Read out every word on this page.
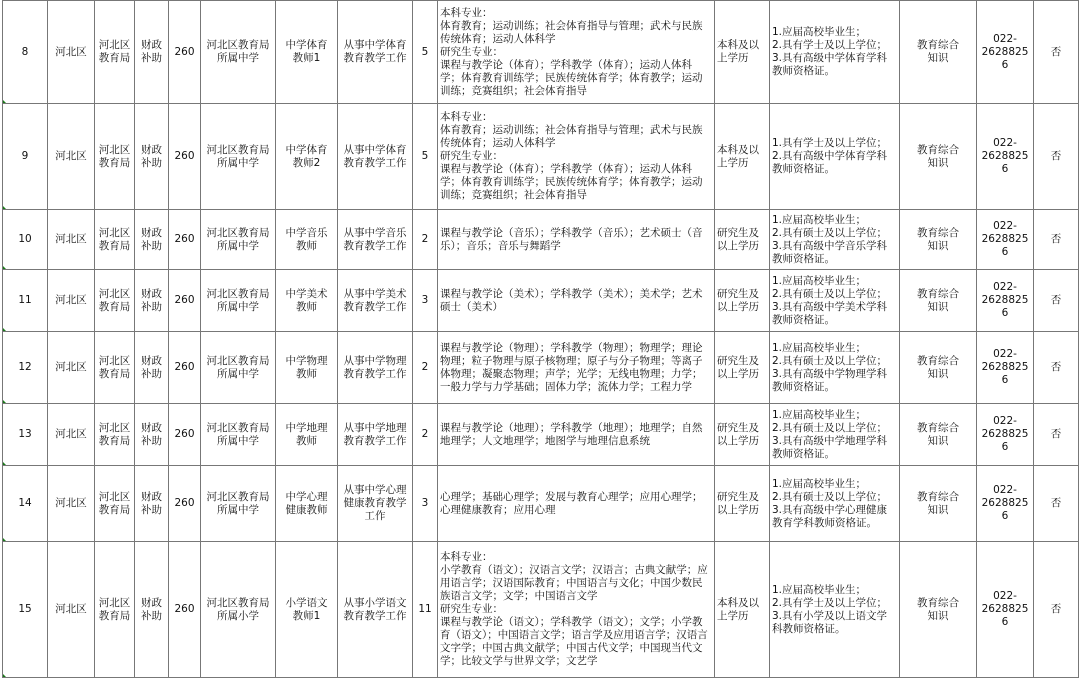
8	河北区	河北区
教育局	财政
补助	260	河北区教育局
所属中学	中学体育
教师1	从事中学体育
教育教学工作	5	本科专业：
体育教育；运动训练；社会体育指导与管理；武术与民族传统体育；运动人体科学
研究生专业：
课程与教学论（体育）；学科教学（体育）；运动人体科学；体育教育训练学；民族传统体育学；体育教学；运动训练；竞赛组织；社会体育指导	本科及以
上学历	1.应届高校毕业生；
2.具有学士及以上学位；
3.具有高级中学体育学科教师资格证。	教育综合
知识	022-
26288256	否
9	河北区	河北区
教育局	财政
补助	260	河北区教育局
所属中学	中学体育
教师2	从事中学体育
教育教学工作	5	本科专业：
体育教育；运动训练；社会体育指导与管理；武术与民族传统体育；运动人体科学
研究生专业：
课程与教学论（体育）；学科教学（体育）；运动人体科学；体育教育训练学；民族传统体育学；体育教学；运动训练；竞赛组织；社会体育指导	本科及以
上学历	1.具有学士及以上学位；
2.具有高级中学体育学科教师资格证。	教育综合
知识	022-
26288256	否
10	河北区	河北区
教育局	财政
补助	260	河北区教育局
所属中学	中学音乐
教师	从事中学音乐
教育教学工作	2	课程与教学论（音乐）；学科教学（音乐）；艺术硕士（音乐）；音乐；音乐与舞蹈学	研究生及
以上学历	1.应届高校毕业生；
2.具有硕士及以上学位；
3.具有高级中学音乐学科教师资格证。	教育综合
知识	022-
26288256	否
11	河北区	河北区
教育局	财政
补助	260	河北区教育局
所属中学	中学美术
教师	从事中学美术
教育教学工作	3	课程与教学论（美术）；学科教学（美术）；美术学；艺术硕士（美术）	研究生及
以上学历	1.应届高校毕业生；
2.具有硕士及以上学位；
3.具有高级中学美术学科教师资格证。	教育综合
知识	022-
26288256	否
12	河北区	河北区
教育局	财政
补助	260	河北区教育局
所属中学	中学物理
教师	从事中学物理
教育教学工作	2	课程与教学论（物理）；学科教学（物理）；物理学；理论物理；粒子物理与原子核物理；原子与分子物理；等离子体物理；凝聚态物理；声学；光学；无线电物理；力学；一般力学与力学基础；固体力学；流体力学；工程力学	研究生及
以上学历	1.应届高校毕业生；
2.具有硕士及以上学位；
3.具有高级中学物理学科教师资格证。	教育综合
知识	022-
26288256	否
13	河北区	河北区
教育局	财政
补助	260	河北区教育局
所属中学	中学地理
教师	从事中学地理
教育教学工作	2	课程与教学论（地理）；学科教学（地理）；地理学；自然地理学；人文地理学；地图学与地理信息系统	研究生及
以上学历	1.应届高校毕业生；
2.具有硕士及以上学位；
3.具有高级中学地理学科教师资格证。	教育综合
知识	022-
26288256	否
14	河北区	河北区
教育局	财政
补助	260	河北区教育局
所属中学	中学心理
健康教师	从事中学心理
健康教育教学
工作	3	心理学；基础心理学；发展与教育心理学；应用心理学；心理健康教育；应用心理	研究生及
以上学历	1.应届高校毕业生；
2.具有硕士及以上学位；
3.具有高级中学心理健康教育学科教师资格证。	教育综合
知识	022-
26288256	否
15	河北区	河北区
教育局	财政
补助	260	河北区教育局
所属小学	小学语文
教师1	从事小学语文
教育教学工作	11	本科专业：
小学教育（语文）；汉语言文学；汉语言；古典文献学；应用语言学；汉语国际教育；中国语言与文化；中国少数民族语言文学；文学；中国语言文学
研究生专业：
课程与教学论（语文）；学科教学（语文）；文学；小学教育（语文）；中国语言文学；语言学及应用语言学；汉语言文字学；中国古典文献学；中国古代文学；中国现当代文学；比较文学与世界文学；文艺学	本科及以
上学历	1.应届高校毕业生；
2.具有学士及以上学位；
3.具有小学及以上语文学科教师资格证。	教育综合
知识	022-
26288256	否
